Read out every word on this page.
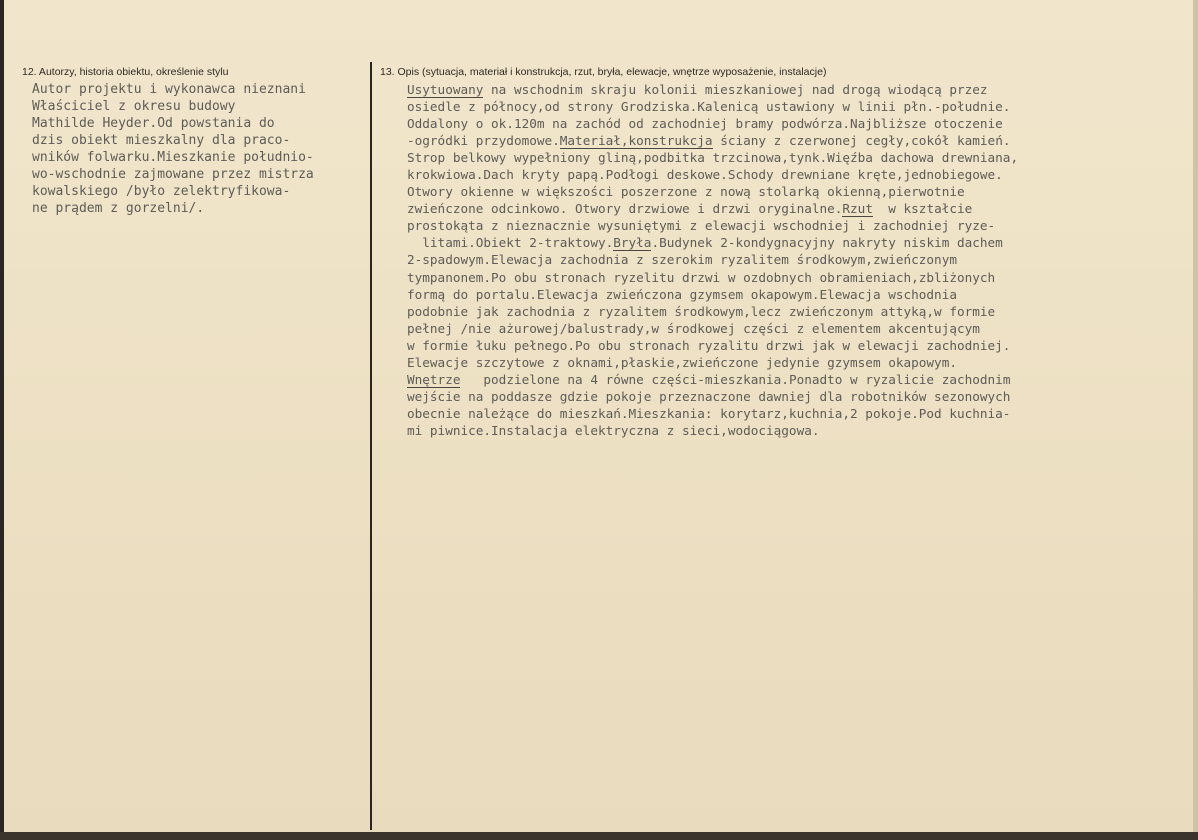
12. Autorzy, historia obiektu, określenie stylu	13. Opis (sytuacja, materiał i konstrukcja, rzut, bryła, elewacje, wnętrze wyposażenie, instalacje)
Autor projektu i wykonawca nieznani
Właściciel z okresu budowy
Mathilde Heyder.Od powstania do
dzis obiekt mieszkalny dla praco-
wników folwarku.Mieszkanie południo-
wo-wschodnie zajmowane przez mistrza
kowalskiego /było zelektryfikowa-
ne prądem z gorzelni/.
Usytuowany na wschodnim skraju kolonii mieszkaniowej nad drogą wiodącą przez
osiedle z północy,od strony Grodziska.Kalenicą ustawiony w linii płn.-południe.
Oddalony o ok.120m na zachód od zachodniej bramy podwórza.Najbliższe otoczenie
-ogródki przydomowe.Materiał,konstrukcja ściany z czerwonej cegły,cokół kamień.
Strop belkowy wypełniony gliną,podbitka trzcinowa,tynk.Więźba dachowa drewniana,
krokwiowa.Dach kryty papą.Podłogi deskowe.Schody drewniane kręte,jednobiegowe.
Otwory okienne w większości poszerzone z nową stolarką okienną,pierwotnie
zwieńczone odcinkowo. Otwory drzwiowe i drzwi oryginalne.Rzut  w kształcie
prostokąta z nieznacznie wysuniętymi z elewacji wschodniej i zachodniej ryze-
litami.Obiekt 2-traktowy.Bryła.Budynek 2-kondygnacyjny nakryty niskim dachem
2-spadowym.Elewacja zachodnia z szerokim ryzalitem środkowym,zwieńczonym
tympanonem.Po obu stronach ryzelitu drzwi w ozdobnych obramieniach,zbliżonych
formą do portalu.Elewacja zwieńczona gzymsem okapowym.Elewacja wschodnia
podobnie jak zachodnia z ryzalitem środkowym,lecz zwieńczonym attyką,w formie
pełnej /nie ażurowej/balustrady,w środkowej części z elementem akcentującym
w formie łuku pełnego.Po obu stronach ryzalitu drzwi jak w elewacji zachodniej.
Elewacje szczytowe z oknami,płaskie,zwieńczone jedynie gzymsem okapowym.
Wnętrze   podzielone na 4 równe części-mieszkania.Ponadto w ryzalicie zachodnim
wejście na poddasze gdzie pokoje przeznaczone dawniej dla robotników sezonowych
obecnie należące do mieszkań.Mieszkania: korytarz,kuchnia,2 pokoje.Pod kuchnia-
mi piwnice.Instalacja elektryczna z sieci,wodociągowa.
